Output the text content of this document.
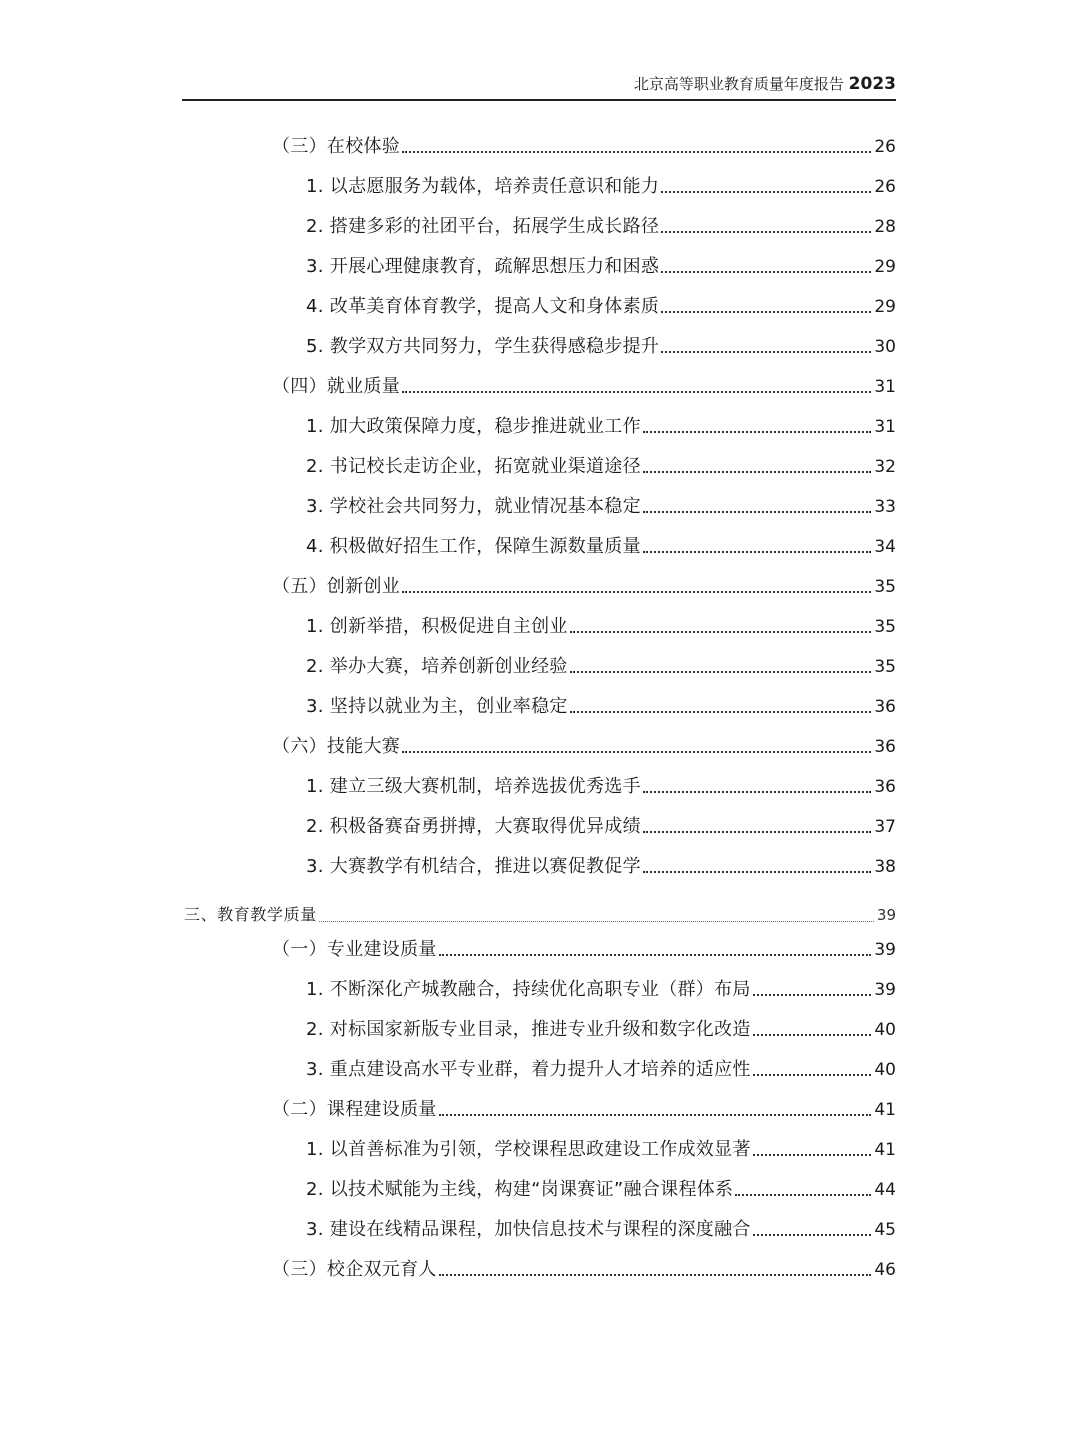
北京高等职业教育质量年度报告 2023
（三）在校体验	26
1. 以志愿服务为载体，培养责任意识和能力	26
2. 搭建多彩的社团平台，拓展学生成长路径	28
3. 开展心理健康教育，疏解思想压力和困惑	29
4. 改革美育体育教学，提高人文和身体素质	29
5. 教学双方共同努力，学生获得感稳步提升	30
（四）就业质量	31
1. 加大政策保障力度，稳步推进就业工作	31
2. 书记校长走访企业，拓宽就业渠道途径	32
3. 学校社会共同努力，就业情况基本稳定	33
4. 积极做好招生工作，保障生源数量质量	34
（五）创新创业	35
1. 创新举措，积极促进自主创业	35
2. 举办大赛，培养创新创业经验	35
3. 坚持以就业为主，创业率稳定	36
（六）技能大赛	36
1. 建立三级大赛机制，培养选拔优秀选手	36
2. 积极备赛奋勇拼搏，大赛取得优异成绩	37
3. 大赛教学有机结合，推进以赛促教促学	38
三、教育教学质量	39
（一）专业建设质量	39
1. 不断深化产城教融合，持续优化高职专业（群）布局	39
2. 对标国家新版专业目录，推进专业升级和数字化改造	40
3. 重点建设高水平专业群，着力提升人才培养的适应性	40
（二）课程建设质量	41
1. 以首善标准为引领，学校课程思政建设工作成效显著	41
2. 以技术赋能为主线，构建“岗课赛证”融合课程体系	44
3. 建设在线精品课程，加快信息技术与课程的深度融合	45
（三）校企双元育人	46
